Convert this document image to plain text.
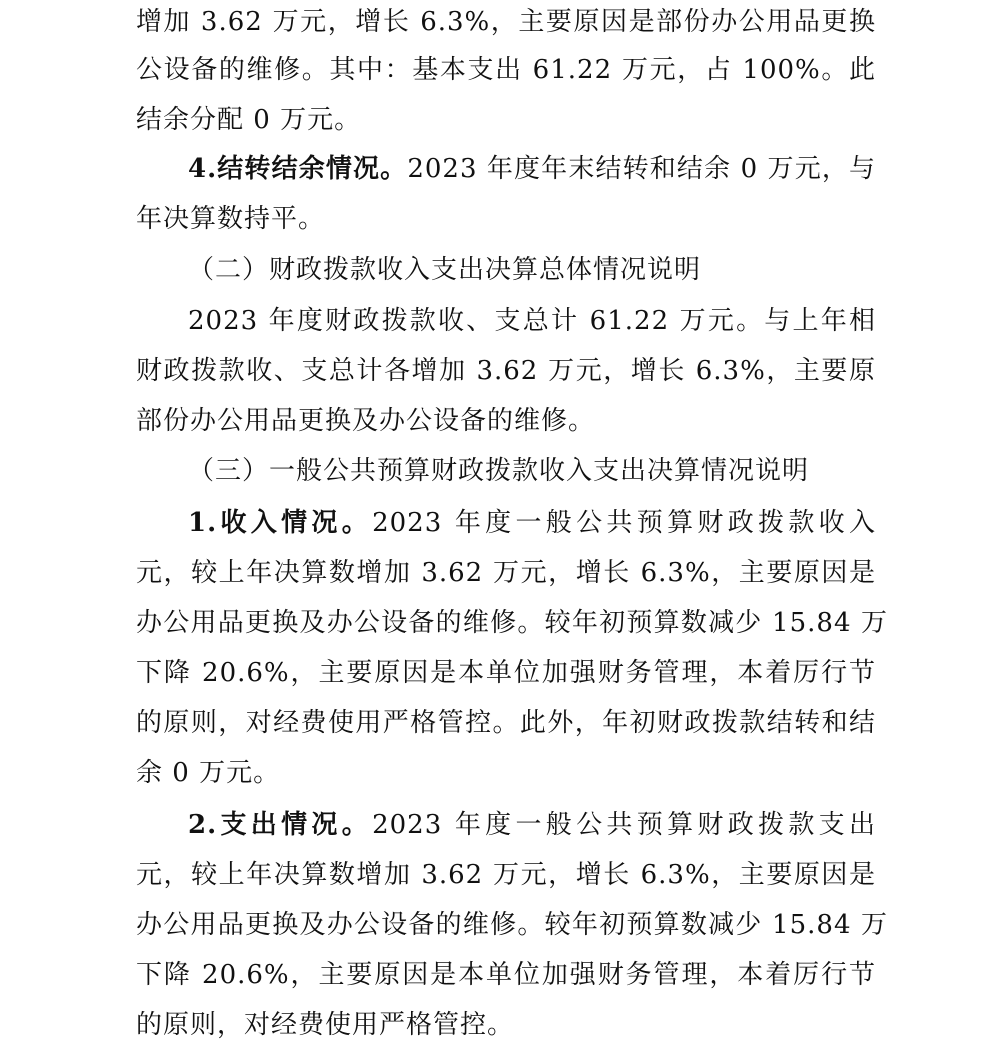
增加 3.62 万元，增长 6.3%，主要原因是部份办公用品更换
公设备的维修。其中：基本支出 61.22 万元，占 100%。此
结余分配 0 万元。
4.结转结余情况。2023 年度年末结转和结余 0 万元，与
年决算数持平。
（二）财政拨款收入支出决算总体情况说明
2023 年度财政拨款收、支总计 61.22 万元。与上年相
财政拨款收、支总计各增加 3.62 万元，增长 6.3%，主要原
部份办公用品更换及办公设备的维修。
（三）一般公共预算财政拨款收入支出决算情况说明
1.收入情况。2023 年度一般公共预算财政拨款收入
元，较上年决算数增加 3.62 万元，增长 6.3%，主要原因是
办公用品更换及办公设备的维修。较年初预算数减少 15.84 万
下降 20.6%，主要原因是本单位加强财务管理，本着厉行节
的原则，对经费使用严格管控。此外，年初财政拨款结转和结
余 0 万元。
2.支出情况。2023 年度一般公共预算财政拨款支出
元，较上年决算数增加 3.62 万元，增长 6.3%，主要原因是
办公用品更换及办公设备的维修。较年初预算数减少 15.84 万
下降 20.6%，主要原因是本单位加强财务管理，本着厉行节
的原则，对经费使用严格管控。
